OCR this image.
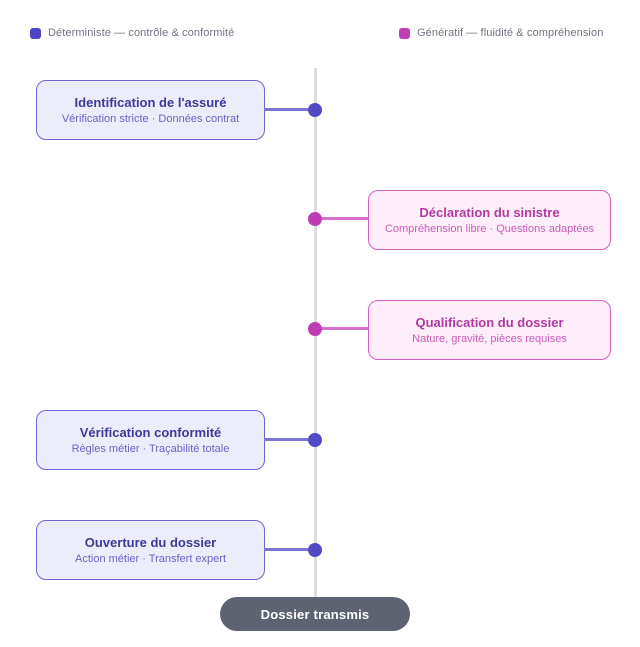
Déterministe — contrôle & conformité	Génératif — fluidité & compréhension
Identification de l'assuré
Vérification stricte · Données contrat
Déclaration du sinistre
Compréhension libre · Questions adaptées
Qualification du dossier
Nature, gravité, pièces requises
Vérification conformité
Règles métier · Traçabilité totale
Ouverture du dossier
Action métier · Transfert expert
Dossier transmis
